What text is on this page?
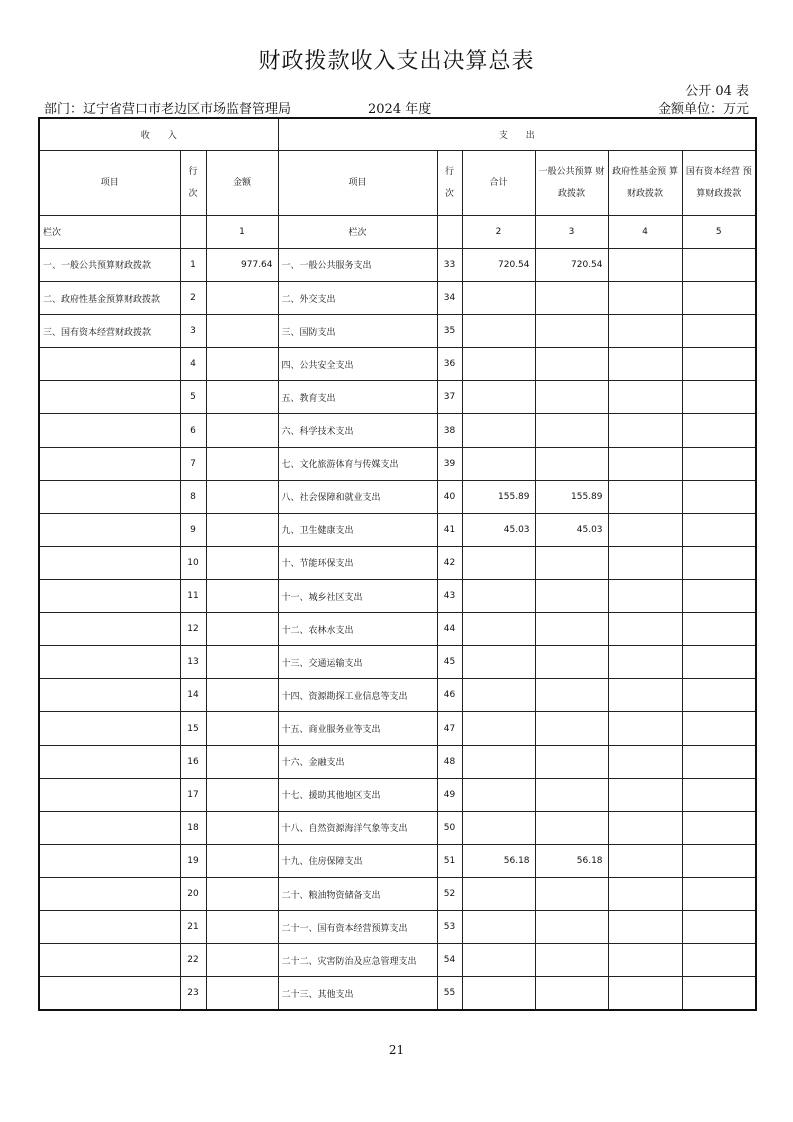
财政拨款收入支出决算总表
公开 04 表
部门：辽宁省营口市老边区市场监督管理局	2024 年度	金额单位：万元
收　　入			支　　出					
项目	行 次	金额	项目	行 次	合计	一般公共预算 财政拨款	政府性基金预 算财政拨款	国有资本经营 预算财政拨款
栏次		1	栏次		2	3	4	5
一、一般公共预算财政拨款	1	977.64	一、一般公共服务支出	33	720.54	720.54		
二、政府性基金预算财政拨款	2		二、外交支出	34				
三、国有资本经营财政拨款	3		三、国防支出	35				
	4		四、公共安全支出	36				
	5		五、教育支出	37				
	6		六、科学技术支出	38				
	7		七、文化旅游体育与传媒支出	39				
	8		八、社会保障和就业支出	40	155.89	155.89		
	9		九、卫生健康支出	41	45.03	45.03		
	10		十、节能环保支出	42				
	11		十一、城乡社区支出	43				
	12		十二、农林水支出	44				
	13		十三、交通运输支出	45				
	14		十四、资源勘探工业信息等支出	46				
	15		十五、商业服务业等支出	47				
	16		十六、金融支出	48				
	17		十七、援助其他地区支出	49				
	18		十八、自然资源海洋气象等支出	50				
	19		十九、住房保障支出	51	56.18	56.18		
	20		二十、粮油物资储备支出	52				
	21		二十一、国有资本经营预算支出	53				
	22		二十二、灾害防治及应急管理支出	54				
	23		二十三、其他支出	55				
21
